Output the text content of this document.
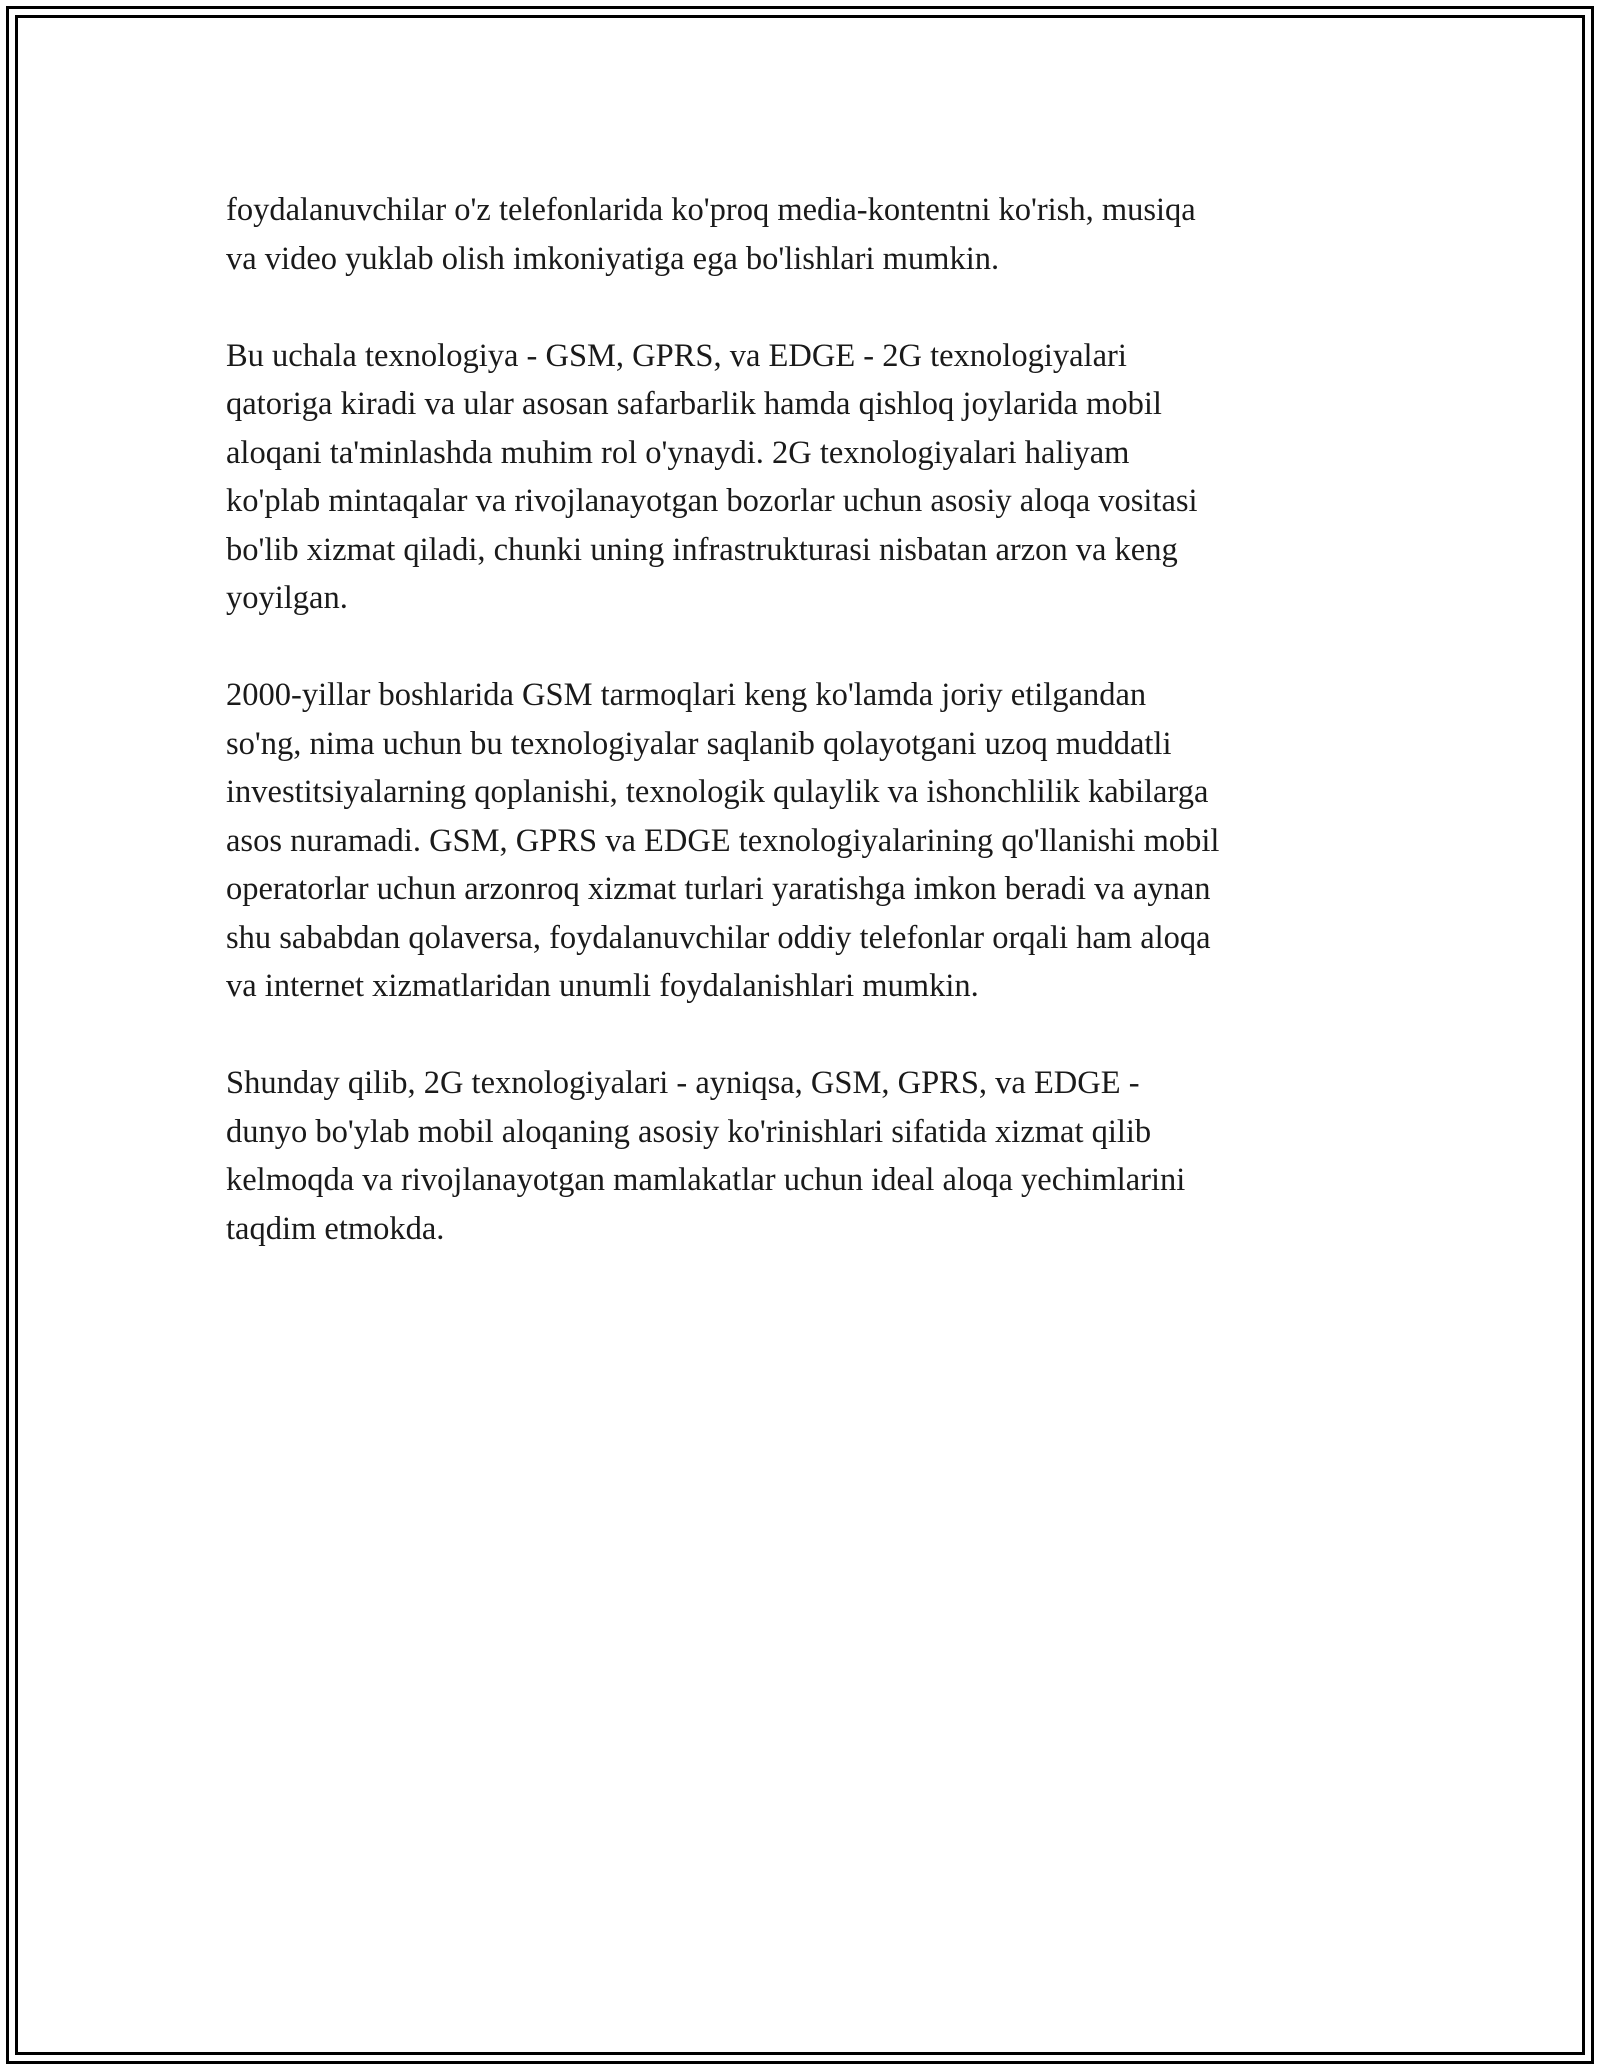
foydalanuvchilar o'z telefonlarida ko'proq media-kontentni ko'rish, musiqa
va video yuklab olish imkoniyatiga ega bo'lishlari mumkin.

Bu uchala texnologiya - GSM, GPRS, va EDGE - 2G texnologiyalari
qatoriga kiradi va ular asosan safarbarlik hamda qishloq joylarida mobil
aloqani ta'minlashda muhim rol o'ynaydi. 2G texnologiyalari haliyam
ko'plab mintaqalar va rivojlanayotgan bozorlar uchun asosiy aloqa vositasi
bo'lib xizmat qiladi, chunki uning infrastrukturasi nisbatan arzon va keng
yoyilgan.

2000-yillar boshlarida GSM tarmoqlari keng ko'lamda joriy etilgandan
so'ng, nima uchun bu texnologiyalar saqlanib qolayotgani uzoq muddatli
investitsiyalarning qoplanishi, texnologik qulaylik va ishonchlilik kabilarga
asos nuramadi. GSM, GPRS va EDGE texnologiyalarining qo'llanishi mobil
operatorlar uchun arzonroq xizmat turlari yaratishga imkon beradi va aynan
shu sababdan qolaversa, foydalanuvchilar oddiy telefonlar orqali ham aloqa
va internet xizmatlaridan unumli foydalanishlari mumkin.

Shunday qilib, 2G texnologiyalari - ayniqsa, GSM, GPRS, va EDGE -
dunyo bo'ylab mobil aloqaning asosiy ko'rinishlari sifatida xizmat qilib
kelmoqda va rivojlanayotgan mamlakatlar uchun ideal aloqa yechimlarini
taqdim etmokda.
